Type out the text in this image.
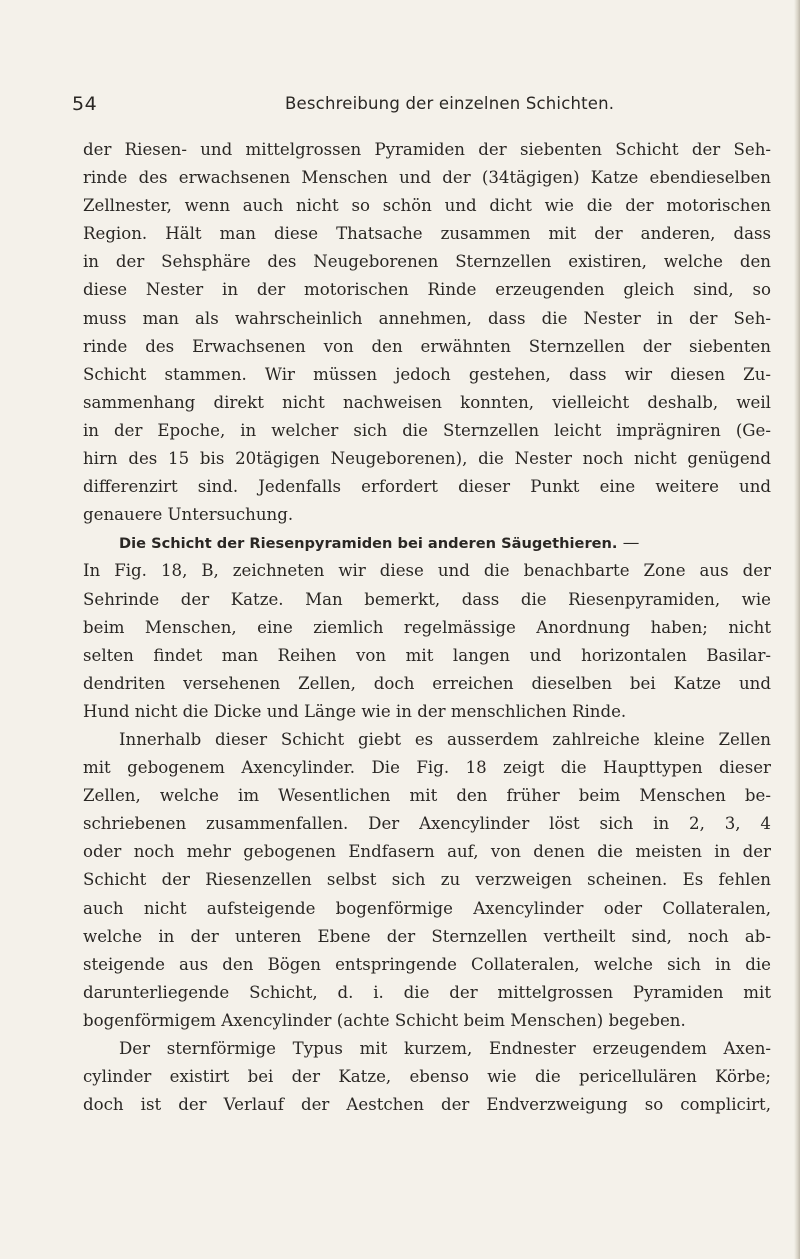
54	Beschreibung der einzelnen Schichten.
der Riesen- und mittelgrossen Pyramiden der siebenten Schicht der Seh-
rinde des erwachsenen Menschen und der (34tägigen) Katze ebendieselben
Zellnester, wenn auch nicht so schön und dicht wie die der motorischen
Region. Hält man diese Thatsache zusammen mit der anderen, dass
in der Sehsphäre des Neugeborenen Sternzellen existiren, welche den
diese Nester in der motorischen Rinde erzeugenden gleich sind, so
muss man als wahrscheinlich annehmen, dass die Nester in der Seh-
rinde des Erwachsenen von den erwähnten Sternzellen der siebenten
Schicht stammen. Wir müssen jedoch gestehen, dass wir diesen Zu-
sammenhang direkt nicht nachweisen konnten, vielleicht deshalb, weil
in der Epoche, in welcher sich die Sternzellen leicht imprägniren (Ge-
hirn des 15 bis 20tägigen Neugeborenen), die Nester noch nicht genügend
differenzirt sind. Jedenfalls erfordert dieser Punkt eine weitere und
genauere Untersuchung.
Die Schicht der Riesenpyramiden bei anderen Säugethieren. —
In Fig. 18, B, zeichneten wir diese und die benachbarte Zone aus der
Sehrinde der Katze. Man bemerkt, dass die Riesenpyramiden, wie
beim Menschen, eine ziemlich regelmässige Anordnung haben; nicht
selten findet man Reihen von mit langen und horizontalen Basilar-
dendriten versehenen Zellen, doch erreichen dieselben bei Katze und
Hund nicht die Dicke und Länge wie in der menschlichen Rinde.
Innerhalb dieser Schicht giebt es ausserdem zahlreiche kleine Zellen
mit gebogenem Axencylinder. Die Fig. 18 zeigt die Haupttypen dieser
Zellen, welche im Wesentlichen mit den früher beim Menschen be-
schriebenen zusammenfallen. Der Axencylinder löst sich in 2, 3, 4
oder noch mehr gebogenen Endfasern auf, von denen die meisten in der
Schicht der Riesenzellen selbst sich zu verzweigen scheinen. Es fehlen
auch nicht aufsteigende bogenförmige Axencylinder oder Collateralen,
welche in der unteren Ebene der Sternzellen vertheilt sind, noch ab-
steigende aus den Bögen entspringende Collateralen, welche sich in die
darunterliegende Schicht, d. i. die der mittelgrossen Pyramiden mit
bogenförmigem Axencylinder (achte Schicht beim Menschen) begeben.
Der sternförmige Typus mit kurzem, Endnester erzeugendem Axen-
cylinder existirt bei der Katze, ebenso wie die pericellulären Körbe;
doch ist der Verlauf der Aestchen der Endverzweigung so complicirt,
